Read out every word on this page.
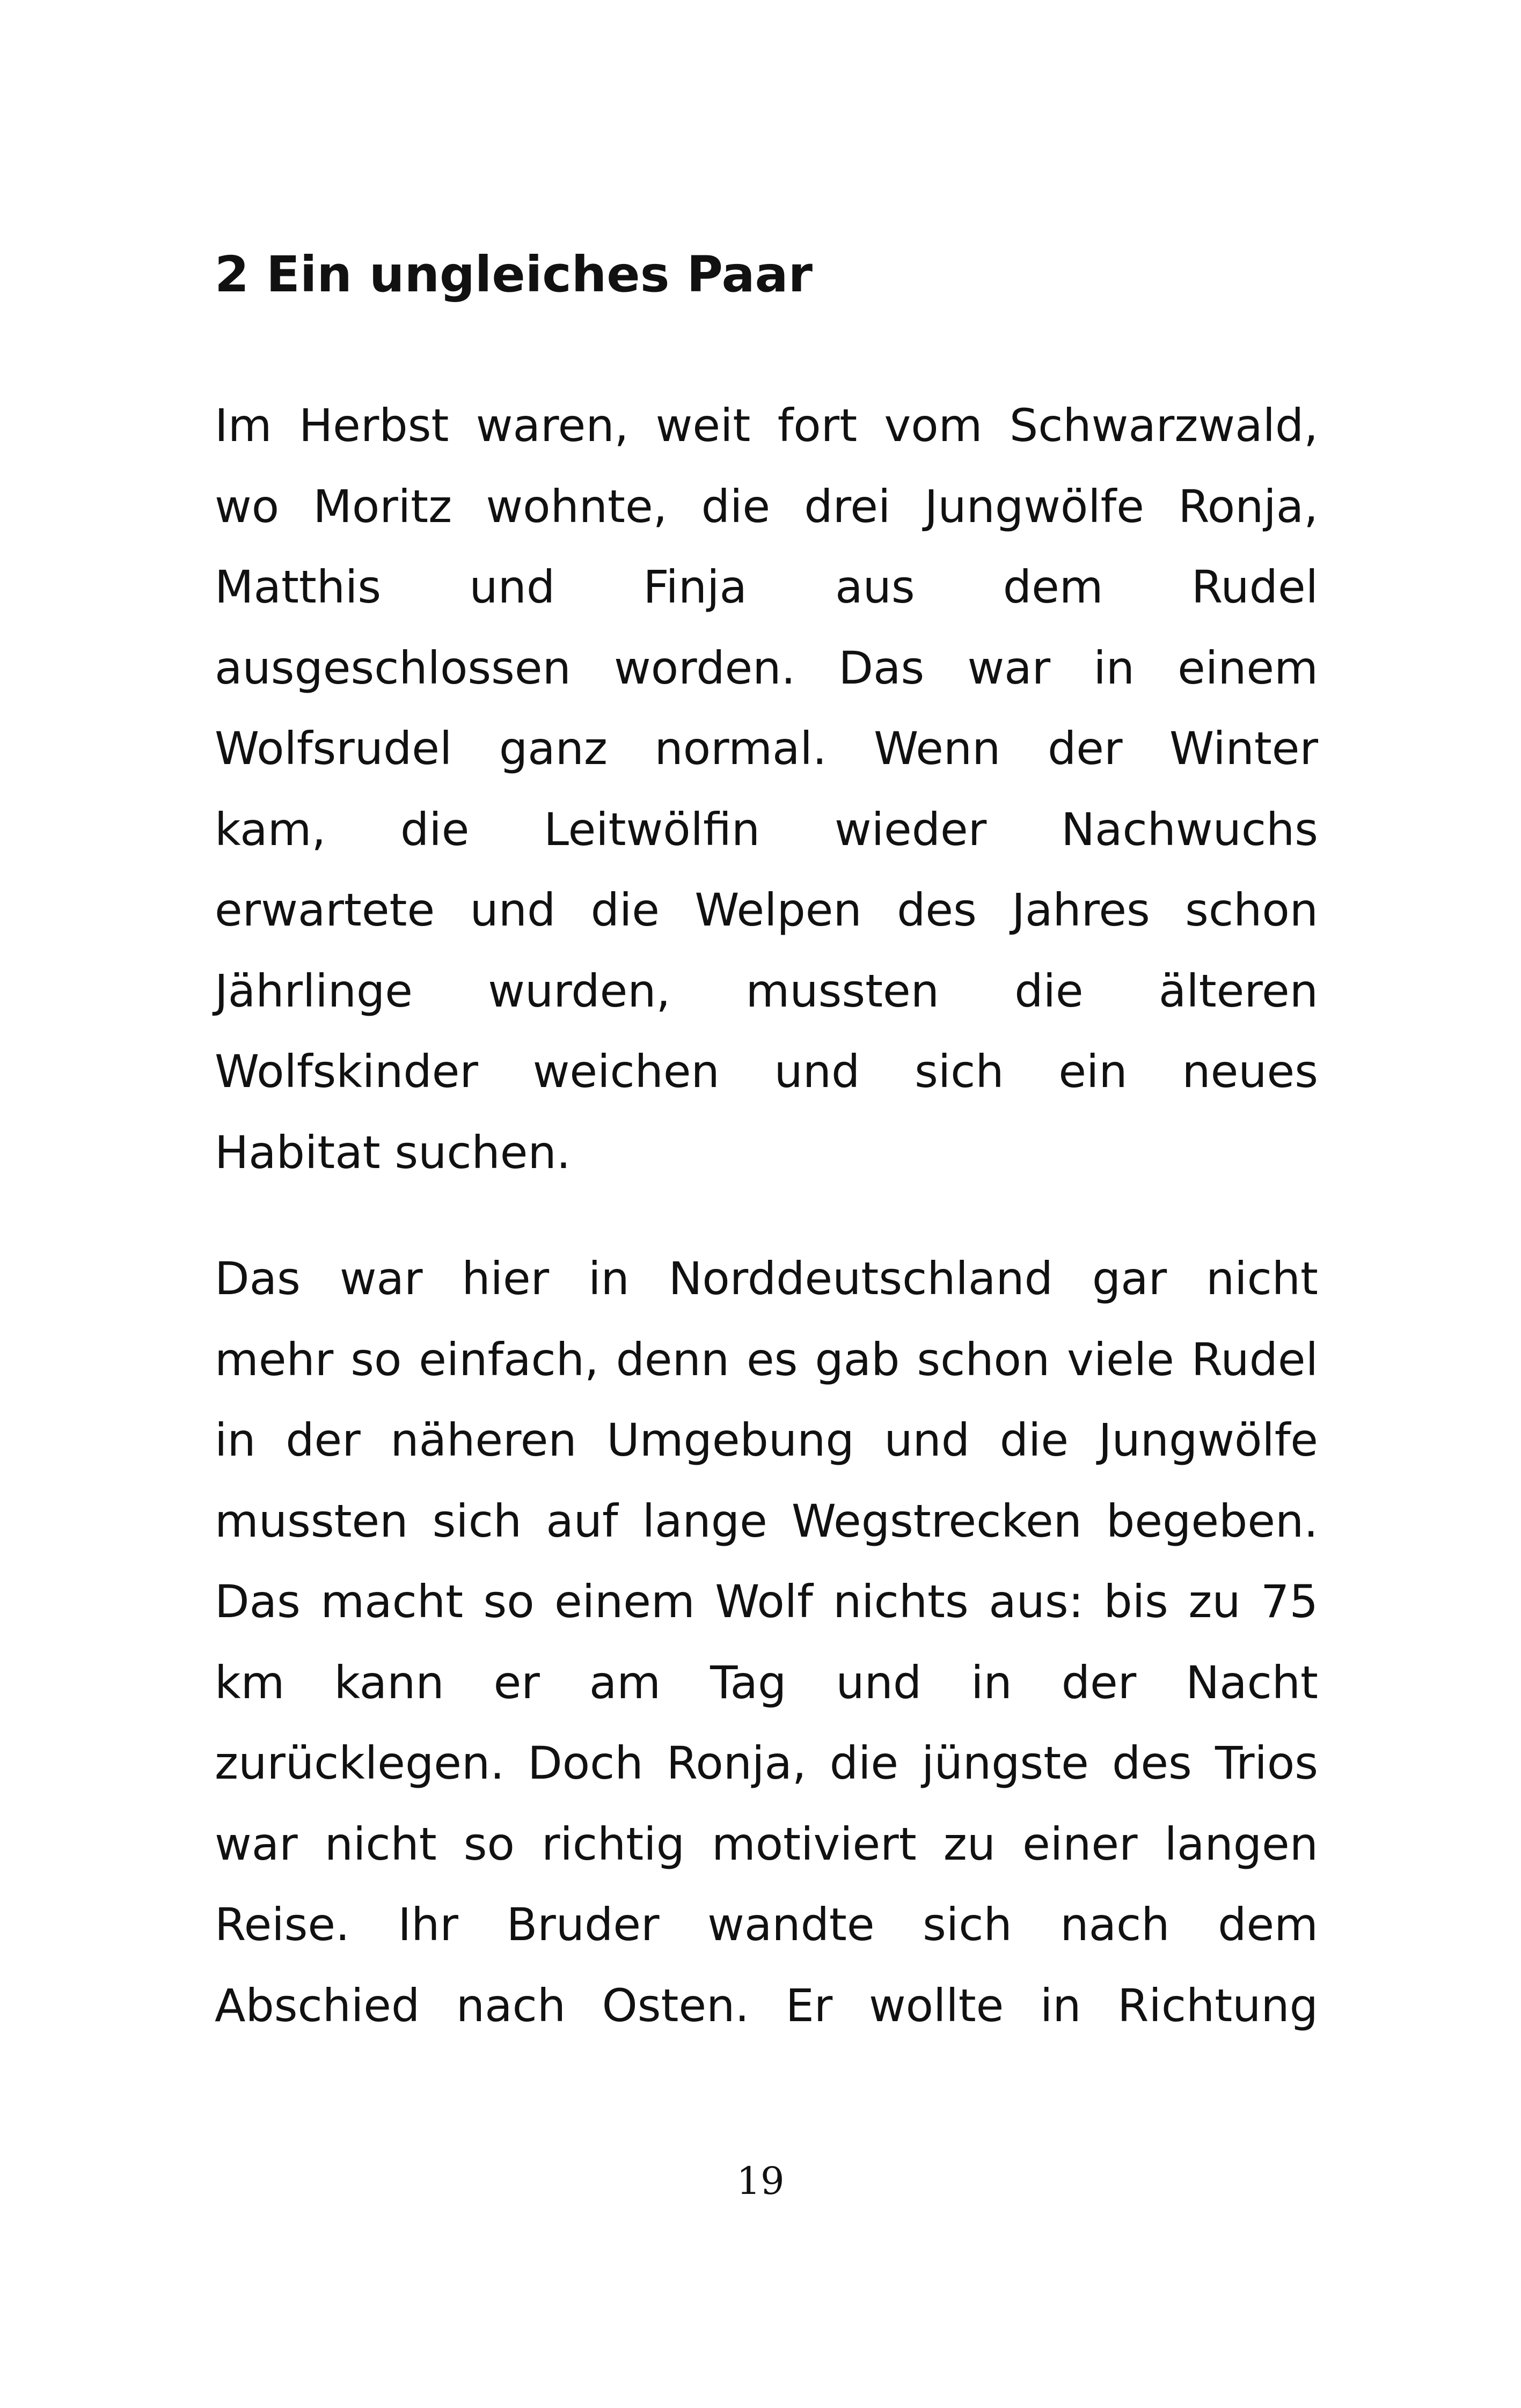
2 Ein ungleiches Paar

Im Herbst waren, weit fort vom Schwarzwald,
wo Moritz wohnte, die drei Jungwölfe Ronja,
Matthis und Finja aus dem Rudel
ausgeschlossen worden. Das war in einem
Wolfsrudel ganz normal. Wenn der Winter
kam, die Leitwölfin wieder Nachwuchs
erwartete und die Welpen des Jahres schon
Jährlinge wurden, mussten die älteren
Wolfskinder weichen und sich ein neues
Habitat suchen.

Das war hier in Norddeutschland gar nicht
mehr so einfach, denn es gab schon viele Rudel
in der näheren Umgebung und die Jungwölfe
mussten sich auf lange Wegstrecken begeben.
Das macht so einem Wolf nichts aus: bis zu 75
km kann er am Tag und in der Nacht
zurücklegen. Doch Ronja, die jüngste des Trios
war nicht so richtig motiviert zu einer langen
Reise. Ihr Bruder wandte sich nach dem
Abschied nach Osten. Er wollte in Richtung

19
